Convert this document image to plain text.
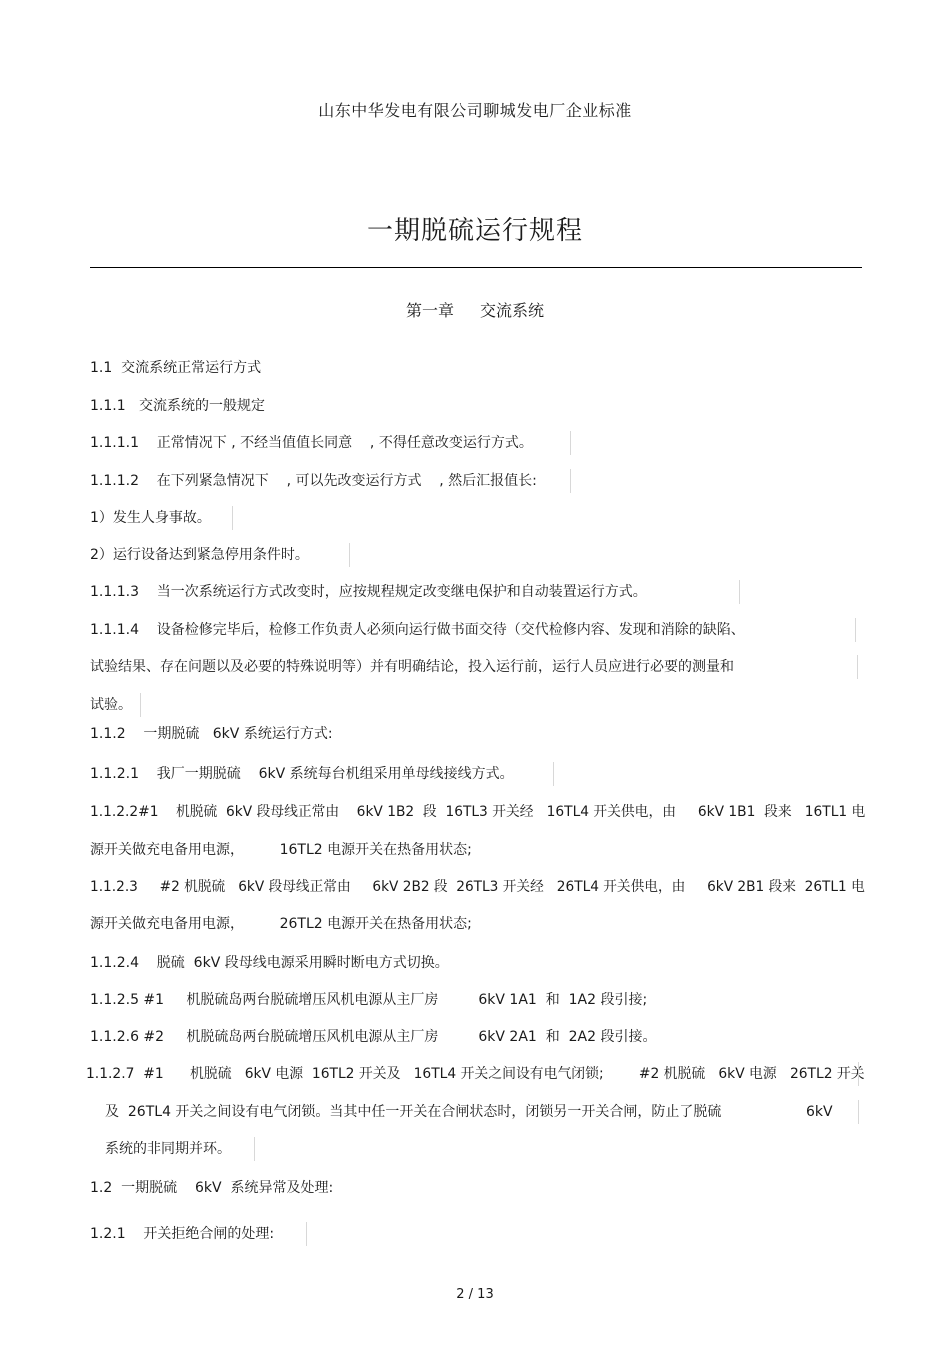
山东中华发电有限公司聊城发电厂企业标准
一期脱硫运行规程
第一章 交流系统
1.1  交流系统正常运行方式
1.1.1   交流系统的一般规定
1.1.1.1    正常情况下 , 不经当值值长同意    , 不得任意改变运行方式。
1.1.1.2    在下列紧急情况下    , 可以先改变运行方式    , 然后汇报值长:
1）发生人身事故。
2）运行设备达到紧急停用条件时。
1.1.1.3    当一次系统运行方式改变时，应按规程规定改变继电保护和自动装置运行方式。
1.1.1.4    设备检修完毕后，检修工作负责人必须向运行做书面交待（交代检修内容、发现和消除的缺陷、
试验结果、存在问题以及必要的特殊说明等）并有明确结论，投入运行前，运行人员应进行必要的测量和
试验。
1.1.2    一期脱硫   6kV 系统运行方式:
1.1.2.1    我厂一期脱硫    6kV 系统每台机组采用单母线接线方式。
1.1.2.2#1    机脱硫  6kV 段母线正常由    6kV 1B2  段  16TL3 开关经   16TL4 开关供电，由     6kV 1B1  段来   16TL1 电
源开关做充电备用电源，        16TL2 电源开关在热备用状态;
1.1.2.3     #2 机脱硫   6kV 段母线正常由     6kV 2B2 段  26TL3 开关经   26TL4 开关供电，由     6kV 2B1 段来  26TL1 电
源开关做充电备用电源，        26TL2 电源开关在热备用状态;
1.1.2.4    脱硫  6kV 段母线电源采用瞬时断电方式切换。
1.1.2.5 #1     机脱硫岛两台脱硫增压风机电源从主厂房         6kV 1A1  和  1A2 段引接;
1.1.2.6 #2     机脱硫岛两台脱硫增压风机电源从主厂房         6kV 2A1  和  2A2 段引接。
1.1.2.7  #1      机脱硫   6kV 电源  16TL2 开关及   16TL4 开关之间设有电气闭锁;        #2 机脱硫   6kV 电源   26TL2 开关
及  26TL4 开关之间设有电气闭锁。当其中任一开关在合闸状态时，闭锁另一开关合闸，防止了脱硫                   6kV
系统的非同期并环。
1.2  一期脱硫    6kV  系统异常及处理:
1.2.1    开关拒绝合闸的处理:
2 / 13
